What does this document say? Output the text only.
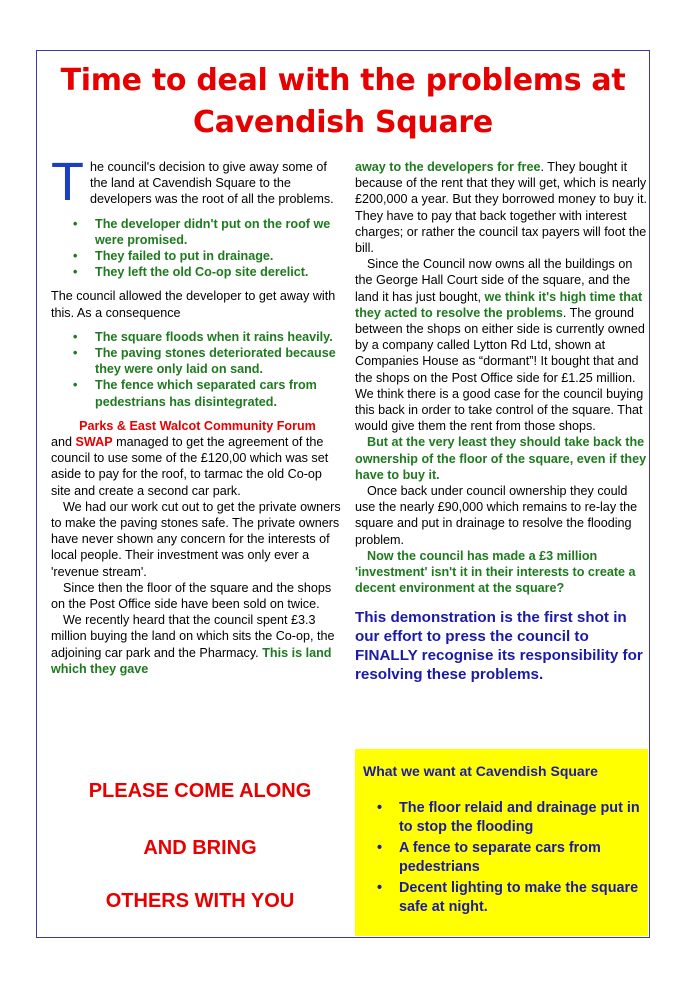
Time to deal with the problems at Cavendish Square

The council's decision to give away some of the land at Cavendish Square to the developers was the root of all the problems.

• The developer didn't put on the roof we were promised.
• They failed to put in drainage.
• They left the old Co-op site derelict.

The council allowed the developer to get away with this. As a consequence

• The square floods when it rains heavily.
• The paving stones deteriorated because they were only laid on sand.
• The fence which separated cars from pedestrians has disintegrated.

Parks & East Walcot Community Forum

and SWAP managed to get the agreement of the council to use some of the £120,00 which was set aside to pay for the roof, to tarmac the old Co-op site and create a second car park.

We had our work cut out to get the private owners to make the paving stones safe. The private owners have never shown any concern for the interests of local people. Their investment was only ever a 'revenue stream'.

Since then the floor of the square and the shops on the Post Office side have been sold on twice.

We recently heard that the council spent £3.3 million buying the land on which sits the Co-op, the adjoining car park and the Pharmacy. This is land which they gave

away to the developers for free. They bought it because of the rent that they will get, which is nearly £200,000 a year. But they borrowed money to buy it. They have to pay that back together with interest charges; or rather the council tax payers will foot the bill.

Since the Council now owns all the buildings on the George Hall Court side of the square, and the land it has just bought, we think it's high time that they acted to resolve the problems. The ground between the shops on either side is currently owned by a company called Lytton Rd Ltd, shown at Companies House as “dormant”! It bought that and the shops on the Post Office side for £1.25 million. We think there is a good case for the council buying this back in order to take control of the square. That would give them the rent from those shops.

But at the very least they should take back the ownership of the floor of the square, even if they have to buy it.

Once back under council ownership they could use the nearly £90,000 which remains to re-lay the square and put in drainage to resolve the flooding problem.

Now the council has made a £3 million 'investment' isn't it in their interests to create a decent environment at the square?

This demonstration is the first shot in our effort to press the council to FINALLY recognise its responsibility for resolving these problems.

PLEASE COME ALONG
AND BRING
OTHERS WITH YOU
What we want at Cavendish Square
• The floor relaid and drainage put in to stop the flooding
• A fence to separate cars from pedestrians
• Decent lighting to make the square safe at night.
